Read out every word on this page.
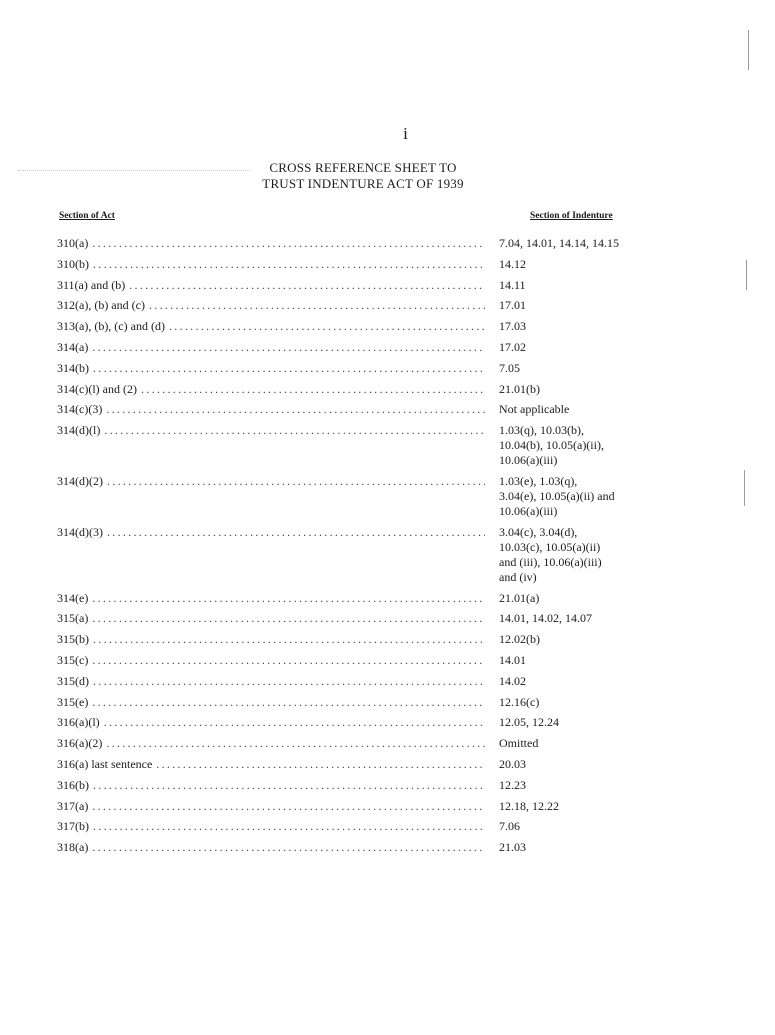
i
CROSS REFERENCE SHEET TO
TRUST INDENTURE ACT OF 1939
Section of Act	Section of Indenture
310(a) .....	7.04, 14.01, 14.14, 14.15
310(b) .....	14.12
311(a) and (b) .....	14.11
312(a), (b) and (c) .....	17.01
313(a), (b), (c) and (d) .....	17.03
314(a) .....	17.02
314(b) .....	7.05
314(c)(l) and (2) .....	21.01(b)
314(c)(3) .....	Not applicable
314(d)(l) .....	1.03(q), 10.03(b),
10.04(b), 10.05(a)(ii),
10.06(a)(iii)
314(d)(2) .....	1.03(e), 1.03(q),
3.04(e), 10.05(a)(ii) and
10.06(a)(iii)
314(d)(3) .....	3.04(c), 3.04(d),
10.03(c), 10.05(a)(ii)
and (iii), 10.06(a)(iii)
and (iv)
314(e) .....	21.01(a)
315(a) .....	14.01, 14.02, 14.07
315(b) .....	12.02(b)
315(c) .....	14.01
315(d) .....	14.02
315(e) .....	12.16(c)
316(a)(l) .....	12.05, 12.24
316(a)(2) .....	Omitted
316(a) last sentence .....	20.03
316(b) .....	12.23
317(a) .....	12.18, 12.22
317(b) .....	7.06
318(a) .....	21.03
